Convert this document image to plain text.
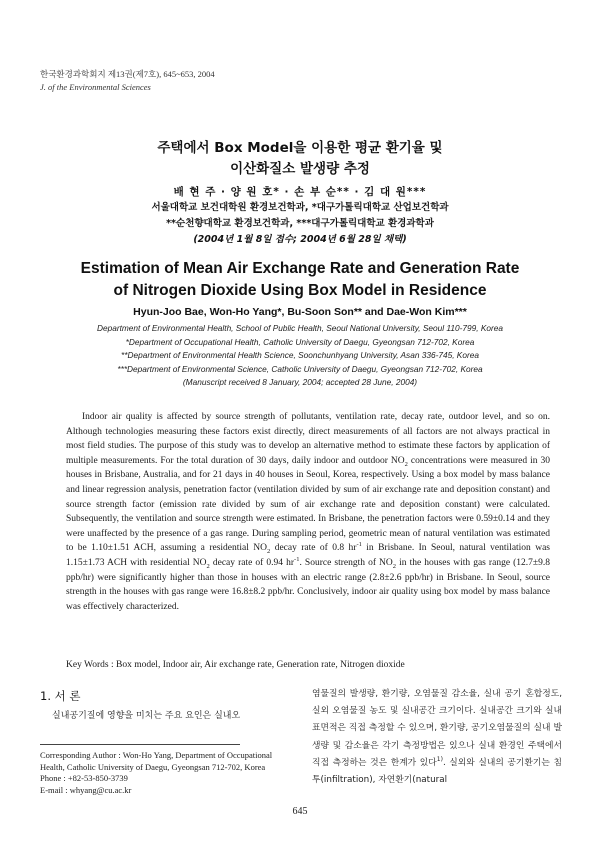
한국환경과학회지 제13권(제7호), 645~653, 2004
J. of the Environmental Sciences
주택에서 Box Model을 이용한 평균 환기율 및
이산화질소 발생량 추정
배 현 주 · 양 원 호* · 손 부 순** · 김 대 원***
서울대학교 보건대학원 환경보건학과, *대구가톨릭대학교 산업보건학과
**순천향대학교 환경보건학과, ***대구가톨릭대학교 환경과학과
(2004년 1월 8일 접수; 2004년 6월 28일 채택)
Estimation of Mean Air Exchange Rate and Generation Rate
of Nitrogen Dioxide Using Box Model in Residence
Hyun-Joo Bae, Won-Ho Yang*, Bu-Soon Son** and Dae-Won Kim***
Department of Environmental Health, School of Public Health, Seoul National University, Seoul 110-799, Korea
*Department of Occupational Health, Catholic University of Daegu, Gyeongsan 712-702, Korea
**Department of Environmental Health Science, Soonchunhyang University, Asan 336-745, Korea
***Department of Environmental Science, Catholic University of Daegu, Gyeongsan 712-702, Korea
(Manuscript received 8 January, 2004; accepted 28 June, 2004)

Indoor air quality is affected by source strength of pollutants, ventilation rate, decay rate, outdoor level, and so on. Although technologies measuring these factors exist directly, direct measurements of all factors are not always practical in most field studies. The purpose of this study was to develop an alternative method to estimate these factors by application of multiple measurements. For the total duration of 30 days, daily indoor and outdoor $NO_2$ concentrations were measured in 30 houses in Brisbane, Australia, and for 21 days in 40 houses in Seoul, Korea, respectively. Using a box model by mass balance and linear regression analysis, penetration factor (ventilation divided by sum of air exchange rate and deposition constant) and source strength factor (emission rate divided by sum of air exchange rate and deposition constant) were calculated. Subsequently, the ventilation and source strength were estimated. In Brisbane, the penetration factors were 0.59±0.14 and they were unaffected by the presence of a gas range. During sampling period, geometric mean of natural ventilation was estimated to be 1.10±1.51 ACH, assuming a residential $NO_2$ decay rate of 0.8 $hr^{-1}$ in Brisbane. In Seoul, natural ventilation was 1.15±1.73 ACH with residential $NO_2$ decay rate of 0.94 $hr^{-1}$. Source strength of $NO_2$ in the houses with gas range (12.7±9.8 ppb/hr) were significantly higher than those in houses with an electric range (2.8±2.6 ppb/hr) in Brisbane. In Seoul, source strength in the houses with gas range were 16.8±8.2 ppb/hr. Conclusively, indoor air quality using box model by mass balance was effectively characterized.

Key Words : Box model, Indoor air, Air exchange rate, Generation rate, Nitrogen dioxide
1. 서 론
실내공기질에 영향을 미치는 주요 요인은 실내오
Corresponding Author : Won-Ho Yang, Department of Occupational Health, Catholic University of Daegu, Gyeongsan 712-702, Korea
Phone : +82-53-850-3739
E-mail : whyang@cu.ac.kr
염물질의 발생량, 환기량, 오염물질 감소율, 실내 공기 혼합정도, 실외 오염물질 농도 및 실내공간 크기이다. 실내공간 크기와 실내 표면적은 직접 측정할 수 있으며, 환기량, 공기오염물질의 실내 발생량 및 감소율은 각기 측정방법은 있으나 실내 환경인 주택에서 직접 측정하는 것은 한계가 있다$^{1)}$. 실외와 실내의 공기환기는 침투(infiltration), 자연환기(natural
645
